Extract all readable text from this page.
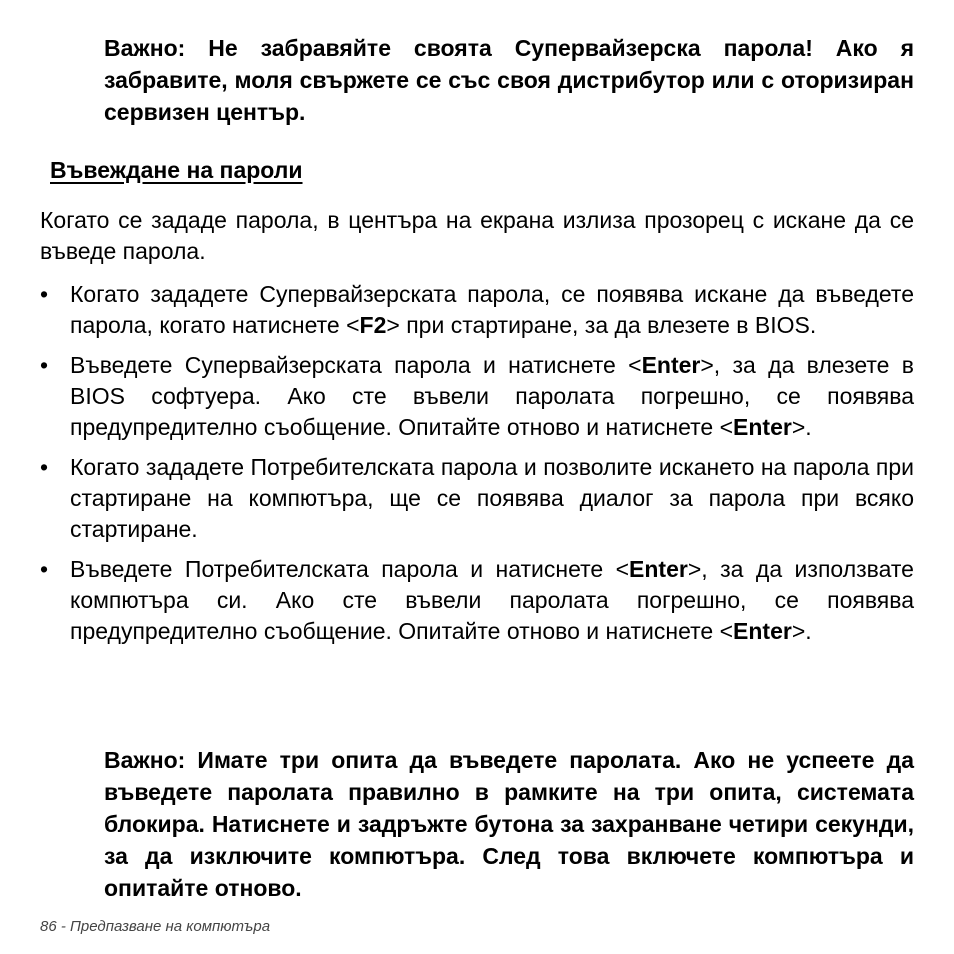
Важно: Не забравяйте своята Супервайзерска парола! Ако я забравите, моля свържете се със своя дистрибутор или с оторизиран сервизен център.
Въвеждане на пароли

Когато се зададе парола, в центъра на екрана излиза прозорец с искане да се въведе парола.

• Когато зададете Супервайзерската парола, се появява искане да въведете парола, когато натиснете <F2> при стартиране, за да влезете в BIOS.
• Въведете Супервайзерската парола и натиснете <Enter>, за да влезете в BIOS софтуера. Ако сте въвели паролата погрешно, се появява предупредително съобщение. Опитайте отново и натиснете <Enter>.
• Когато зададете Потребителската парола и позволите искането на парола при стартиране на компютъра, ще се появява диалог за парола при всяко стартиране.
• Въведете Потребителската парола и натиснете <Enter>, за да използвате компютъра си. Ако сте въвели паролата погрешно, се появява предупредително съобщение. Опитайте отново и натиснете <Enter>.
Важно: Имате три опита да въведете паролата. Ако не успеете да въведете паролата правилно в рамките на три опита, системата блокира. Натиснете и задръжте бутона за захранване четири секунди, за да изключите компютъра. След това включете компютъра и опитайте отново.
86 - Предпазване на компютъра
